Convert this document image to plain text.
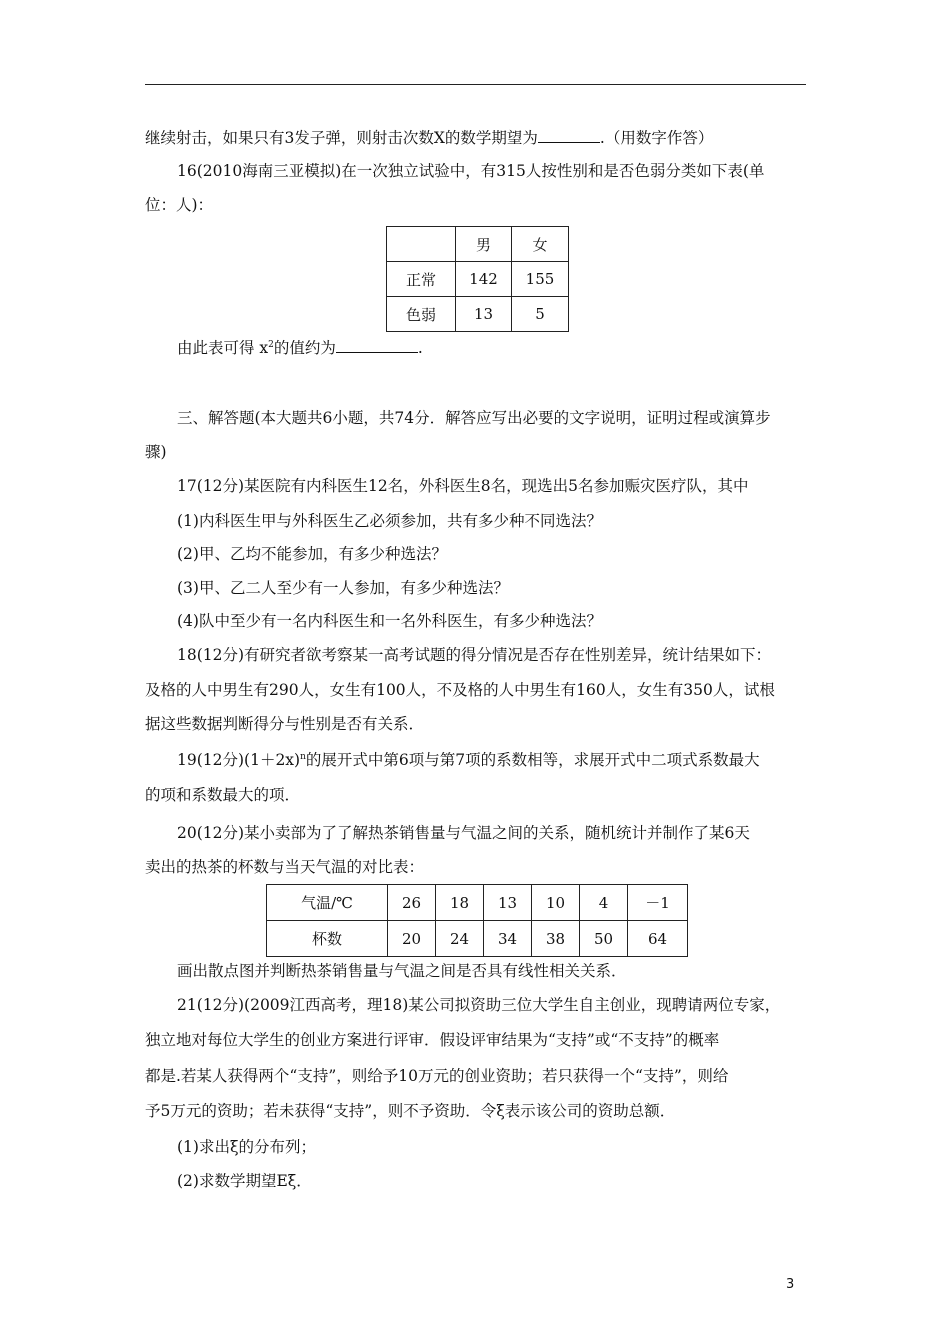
继续射击，如果只有3发子弹，则射击次数X的数学期望为	.（用数字作答）
16(2010海南三亚模拟)在一次独立试验中，有315人按性别和是否色弱分类如下表(单
位：人)：
	男	女
正常	142	155
色弱	13	5
由此表可得 $x^2$的值约为	.
三、解答题(本大题共6小题，共74分．解答应写出必要的文字说明，证明过程或演算步
骤)
17(12分)某医院有内科医生12名，外科医生8名，现选出5名参加赈灾医疗队，其中
(1)内科医生甲与外科医生乙必须参加，共有多少种不同选法？
(2)甲、乙均不能参加，有多少种选法？
(3)甲、乙二人至少有一人参加，有多少种选法？
(4)队中至少有一名内科医生和一名外科医生，有多少种选法？
18(12分)有研究者欲考察某一高考试题的得分情况是否存在性别差异，统计结果如下：
及格的人中男生有290人，女生有100人，不及格的人中男生有160人，女生有350人，试根
据这些数据判断得分与性别是否有关系．
19(12分)$(1+2x)^n$的展开式中第6项与第7项的系数相等，求展开式中二项式系数最大
的项和系数最大的项．
20(12分)某小卖部为了了解热茶销售量与气温之间的关系，随机统计并制作了某6天
卖出的热茶的杯数与当天气温的对比表：
气温/℃	26	18	13	10	4	－1
杯数	20	24	34	38	50	64
画出散点图并判断热茶销售量与气温之间是否具有线性相关关系．
21(12分)(2009江西高考，理18)某公司拟资助三位大学生自主创业，现聘请两位专家，
独立地对每位大学生的创业方案进行评审．假设评审结果为“支持”或“不支持”的概率
都是.若某人获得两个“支持”，则给予10万元的创业资助；若只获得一个“支持”，则给
予5万元的资助；若未获得“支持”，则不予资助．令ξ表示该公司的资助总额．
(1)求出ξ的分布列；
(2)求数学期望Eξ．
3
